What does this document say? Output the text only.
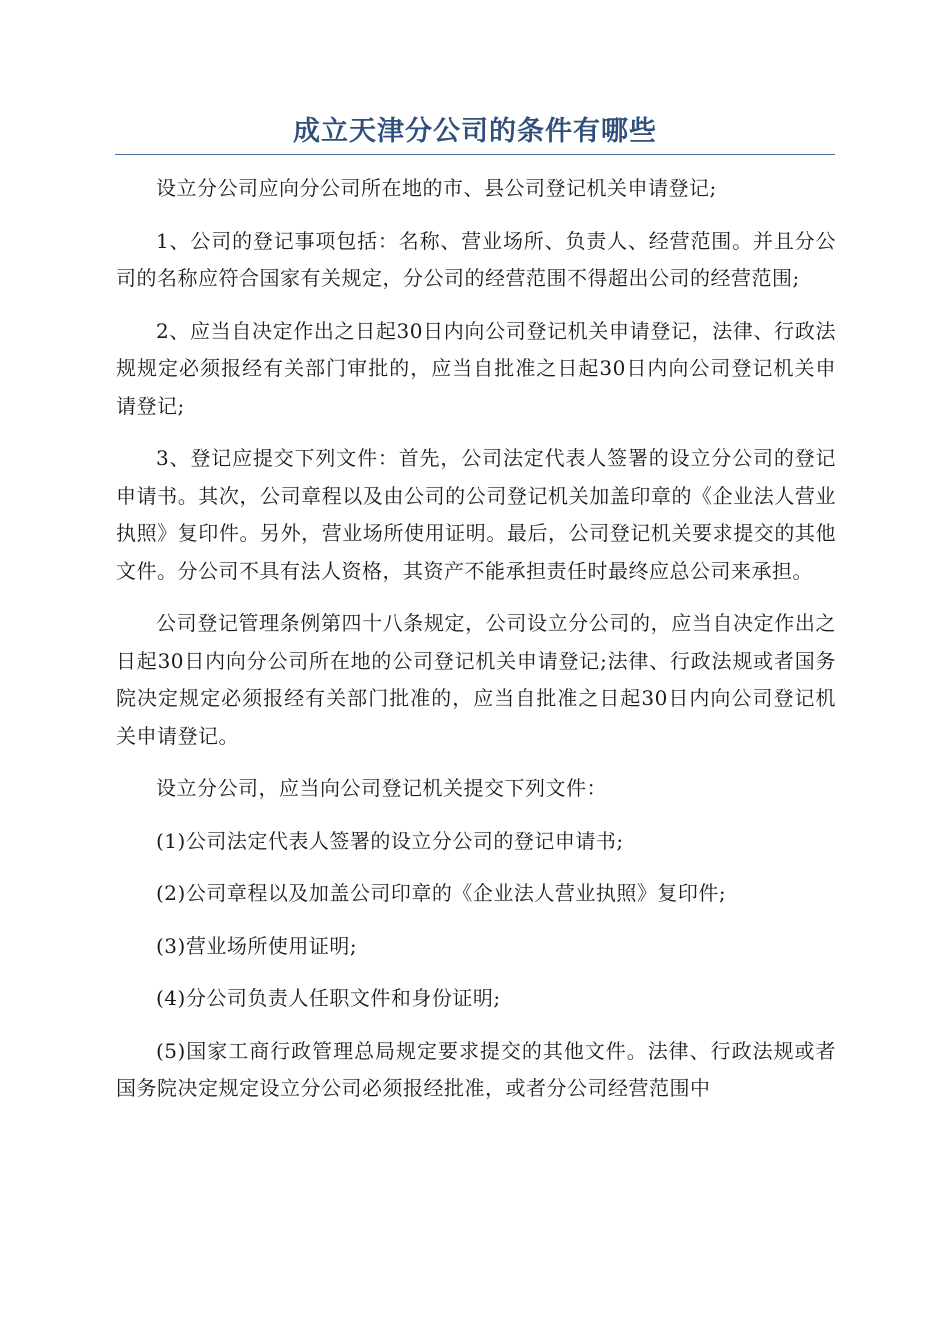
成立天津分公司的条件有哪些

设立分公司应向分公司所在地的市、县公司登记机关申请登记;

1、公司的登记事项包括：名称、营业场所、负责人、经营范围。并且分公司的名称应符合国家有关规定，分公司的经营范围不得超出公司的经营范围;

2、应当自决定作出之日起30日内向公司登记机关申请登记，法律、行政法规规定必须报经有关部门审批的，应当自批准之日起30日内向公司登记机关申请登记;

3、登记应提交下列文件：首先，公司法定代表人签署的设立分公司的登记申请书。其次，公司章程以及由公司的公司登记机关加盖印章的《企业法人营业执照》复印件。另外，营业场所使用证明。最后，公司登记机关要求提交的其他文件。分公司不具有法人资格，其资产不能承担责任时最终应总公司来承担。

公司登记管理条例第四十八条规定，公司设立分公司的，应当自决定作出之日起30日内向分公司所在地的公司登记机关申请登记;法律、行政法规或者国务院决定规定必须报经有关部门批准的，应当自批准之日起30日内向公司登记机关申请登记。

设立分公司，应当向公司登记机关提交下列文件：

(1)公司法定代表人签署的设立分公司的登记申请书;

(2)公司章程以及加盖公司印章的《企业法人营业执照》复印件;

(3)营业场所使用证明;

(4)分公司负责人任职文件和身份证明;

(5)国家工商行政管理总局规定要求提交的其他文件。法律、行政法规或者国务院决定规定设立分公司必须报经批准，或者分公司经营范围中
